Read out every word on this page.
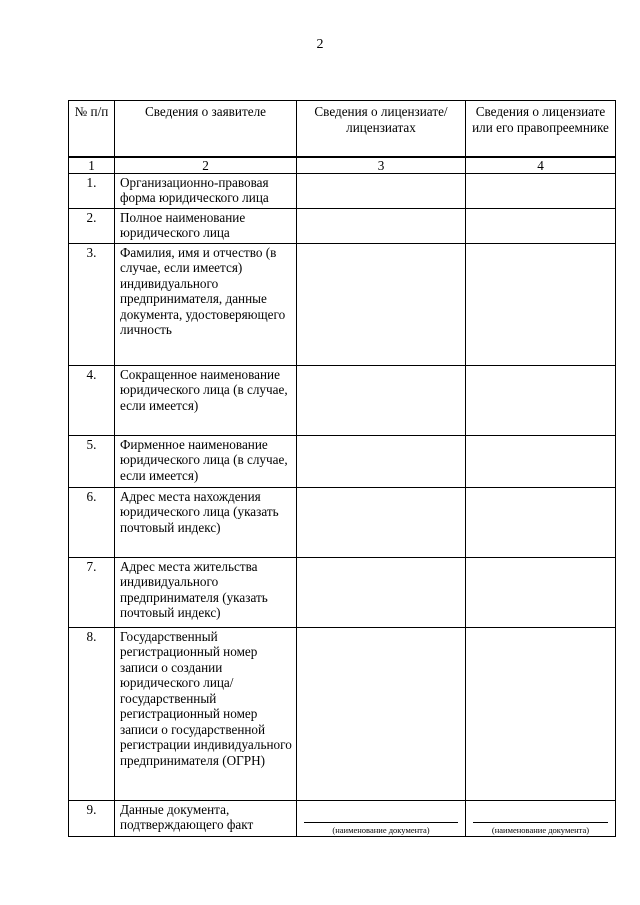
2
№ п/п	Сведения о заявителе	Сведения о лицензиате/лицензиатах	Сведения о лицензиате или его правопреемнике
1	2	3	4
1.	Организационно-правовая форма юридического лица		
2.	Полное наименование юридического лица		
3.	Фамилия, имя и отчество (в случае, если имеется) индивидуального предпринимателя, данные документа, удостоверяющего личность		
4.	Сокращенное наименование юридического лица (в случае, если имеется)		
5.	Фирменное наименование юридического лица (в случае, если имеется)		
6.	Адрес места нахождения юридического лица (указать почтовый индекс)		
7.	Адрес места жительства индивидуального предпринимателя (указать почтовый индекс)		
8.	Государственный регистрационный номер записи о создании юридического лица/государственный регистрационный номер записи о государственной регистрации индивидуального предпринимателя (ОГРН)		
9.	Данные документа, подтверждающего факт	(наименование документа)	(наименование документа)
